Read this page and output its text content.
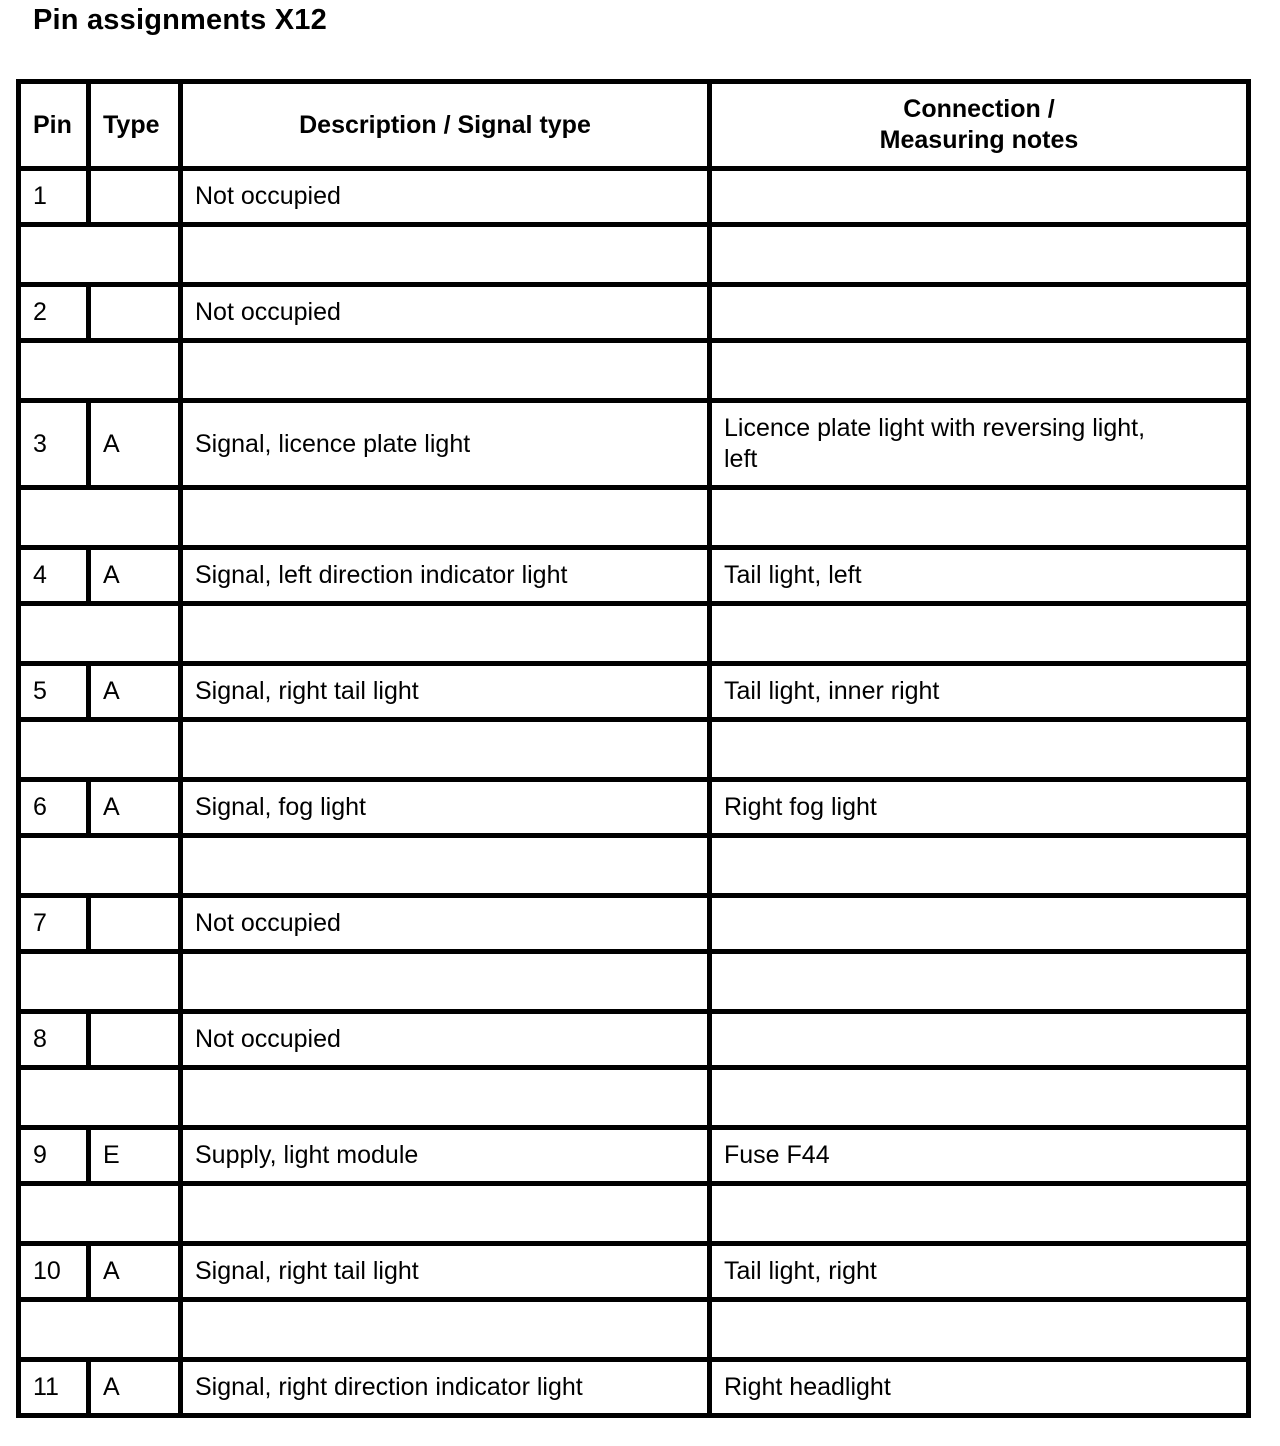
Pin assignments X12
Pin	Type	Description / Signal type	Connection /
Measuring notes
1		Not occupied	

2		Not occupied	

3	A	Signal, licence plate light	Licence plate light with reversing light,
left

4	A	Signal, left direction indicator light	Tail light, left

5	A	Signal, right tail light	Tail light, inner right

6	A	Signal, fog light	Right fog light

7		Not occupied	

8		Not occupied	

9	E	Supply, light module	Fuse F44

10	A	Signal, right tail light	Tail light, right

11	A	Signal, right direction indicator light	Right headlight
